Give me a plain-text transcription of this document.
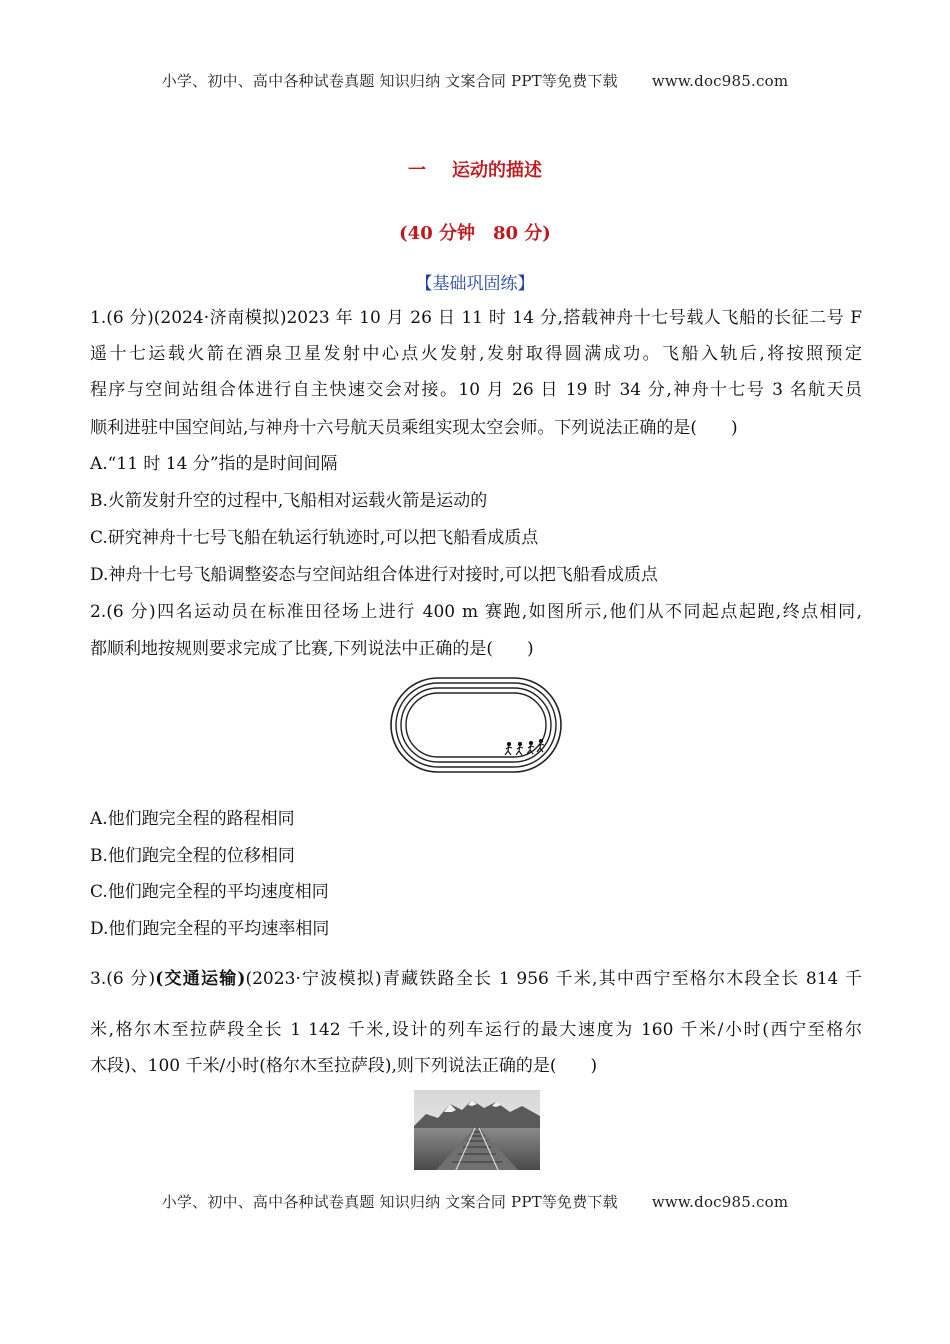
小学、初中、高中各种试卷真题 知识归纳 文案合同 PPT等免费下载 www.doc985.com
一 运动的描述
(40 分钟　80 分)
【基础巩固练】
1.(6 分)(2024·济南模拟)2023 年 10 月 26 日 11 时 14 分,搭载神舟十七号载人飞船的长征二号 F
遥十七运载火箭在酒泉卫星发射中心点火发射,发射取得圆满成功。飞船入轨后,将按照预定
程序与空间站组合体进行自主快速交会对接。10 月 26 日 19 时 34 分,神舟十七号 3 名航天员
顺利进驻中国空间站,与神舟十六号航天员乘组实现太空会师。下列说法正确的是(　　)
A.“11 时 14 分”指的是时间间隔
B.火箭发射升空的过程中,飞船相对运载火箭是运动的
C.研究神舟十七号飞船在轨运行轨迹时,可以把飞船看成质点
D.神舟十七号飞船调整姿态与空间站组合体进行对接时,可以把飞船看成质点
2.(6 分)四名运动员在标准田径场上进行 400 m 赛跑,如图所示,他们从不同起点起跑,终点相同,
都顺利地按规则要求完成了比赛,下列说法中正确的是(　　)
A.他们跑完全程的路程相同
B.他们跑完全程的位移相同
C.他们跑完全程的平均速度相同
D.他们跑完全程的平均速率相同
3.(6 分)(交通运输)(2023·宁波模拟)青藏铁路全长 1 956 千米,其中西宁至格尔木段全长 814 千
米,格尔木至拉萨段全长 1 142 千米,设计的列车运行的最大速度为 160 千米/小时(西宁至格尔
木段)、100 千米/小时(格尔木至拉萨段),则下列说法正确的是(　　)
小学、初中、高中各种试卷真题 知识归纳 文案合同 PPT等免费下载 www.doc985.com
